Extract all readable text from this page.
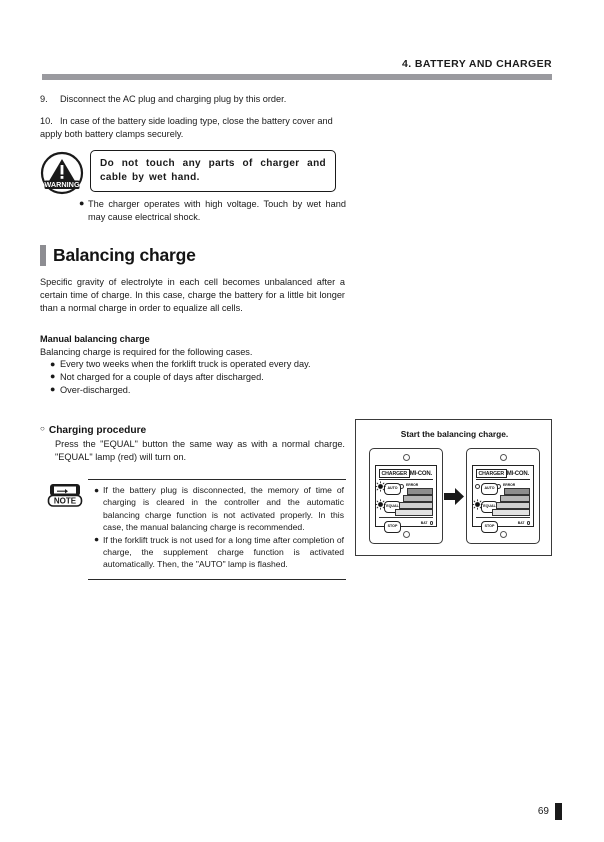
4. BATTERY AND CHARGER
9.	Disconnect the AC plug and charging plug by this order.
10. In case of the battery side loading type, close the battery cover and apply both battery clamps securely.
WARNING
Do not touch any parts of charger and cable by wet hand.
● The charger operates with high voltage. Touch by wet hand may cause electrical shock.
Balancing charge
Specific gravity of electrolyte in each cell becomes unbalanced after a certain time of charge. In this case, charge the battery for a little bit longer than a normal charge in order to equalize all cells.
Manual balancing charge
Balancing charge is required for the following cases.
● Every two weeks when the forklift truck is operated every day.
● Not charged for a couple of days after discharged.
● Over-discharged.
○ Charging procedure
Press the "EQUAL" button the same way as with a normal charge. "EQUAL" lamp (red) will turn on.
NOTE
● If the battery plug is disconnected, the memory of time of charging is cleared in the controller and the automatic balancing charge function is not activated properly. In this case, the manual balancing charge is recommended.
● If the forklift truck is not used for a long time after completion of charge, the supplement charge function is activated automatically. Then, the "AUTO" lamp is flashed.
Start the balancing charge.
CHARGER MI-CON.
ERROR
AUTO
EQUAL
STOP
BAT
CHARGER MI-CON.
ERROR
AUTO
EQUAL
STOP
BAT
69
